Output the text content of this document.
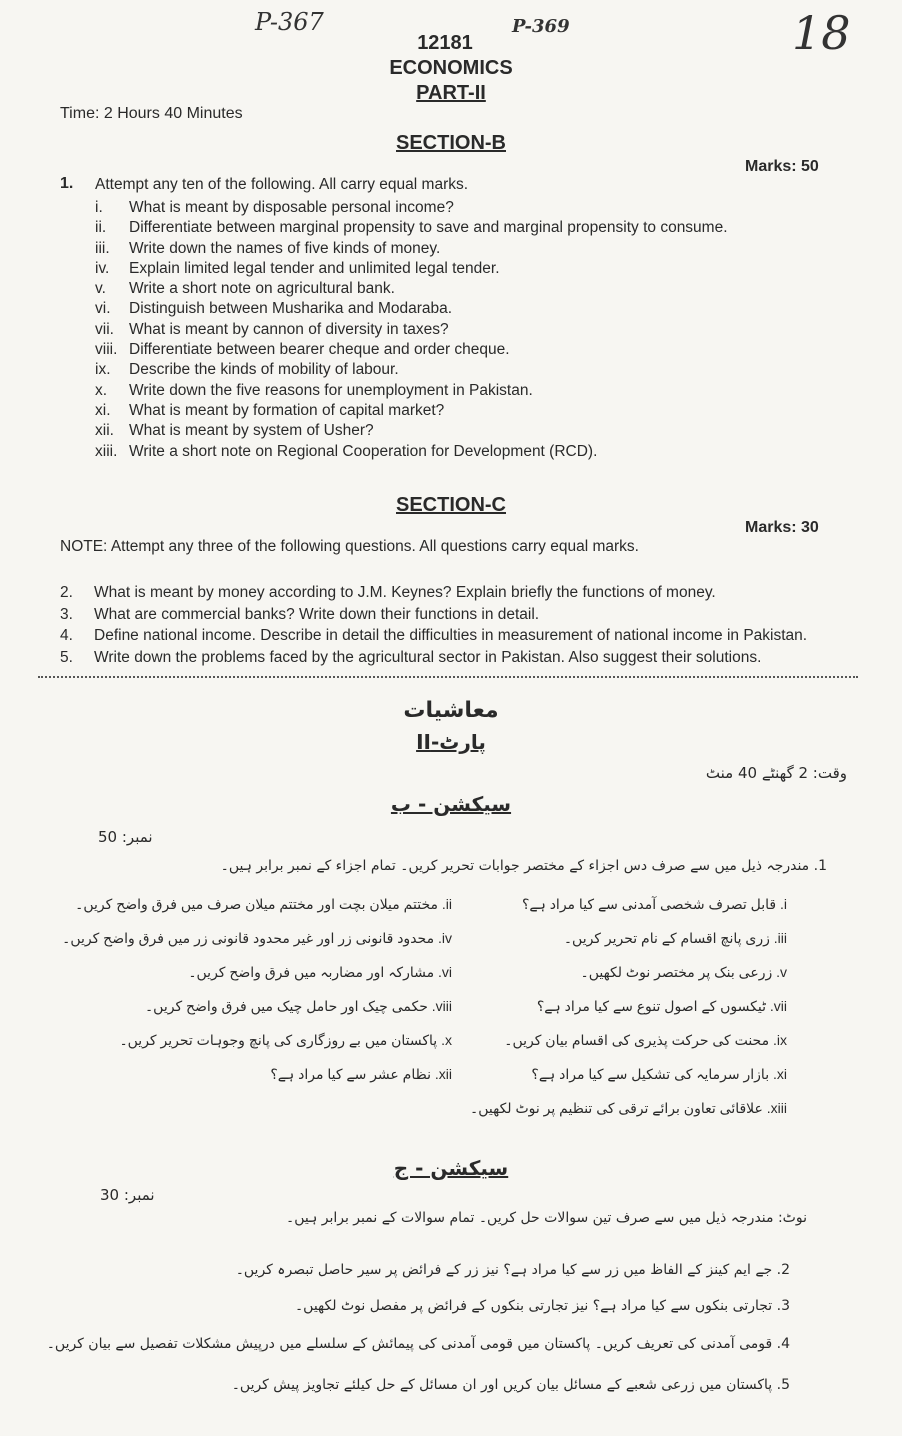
P-367	P-369	18
12181
ECONOMICS
PART-II
Time: 2 Hours 40 Minutes
SECTION-B
Marks: 50
1. Attempt any ten of the following. All carry equal marks.
i.	What is meant by disposable personal income?
ii.	Differentiate between marginal propensity to save and marginal propensity to consume.
iii.	Write down the names of five kinds of money.
iv.	Explain limited legal tender and unlimited legal tender.
v.	Write a short note on agricultural bank.
vi.	Distinguish between Musharika and Modaraba.
vii. What is meant by cannon of diversity in taxes?
viii. Differentiate between bearer cheque and order cheque.
ix.	Describe the kinds of mobility of labour.
x.	Write down the five reasons for unemployment in Pakistan.
xi.	What is meant by formation of capital market?
xii. What is meant by system of Usher?
xiii. Write a short note on Regional Cooperation for Development (RCD).
SECTION-C
Marks: 30
NOTE: Attempt any three of the following questions. All questions carry equal marks.
2.	What is meant by money according to J.M. Keynes? Explain briefly the functions of money.
3.	What are commercial banks? Write down their functions in detail.
4.	Define national income. Describe in detail the difficulties in measurement of national income in Pakistan.
5.	Write down the problems faced by the agricultural sector in Pakistan. Also suggest their solutions.
معاشیات
پارٹ-II
وقت: 2 گھنٹے 40 منٹ
سیکشن - ب
نمبر: 50
1. مندرجہ ذیل میں سے صرف دس اجزاء کے مختصر جوابات تحریر کریں۔ تمام اجزاء کے نمبر برابر ہیں۔
i. قابل تصرف شخصی آمدنی سے کیا مراد ہے؟
iii. زری پانچ اقسام کے نام تحریر کریں۔
v. زرعی بنک پر مختصر نوٹ لکھیں۔
vii. ٹیکسوں کے اصول تنوع سے کیا مراد ہے؟
ix. محنت کی حرکت پذیری کی اقسام بیان کریں۔
xi. بازار سرمایہ کی تشکیل سے کیا مراد ہے؟
xiii. علاقائی تعاون برائے ترقی کی تنظیم پر نوٹ لکھیں۔
ii. مختتم میلان بچت اور مختتم میلان صرف میں فرق واضح کریں۔
iv. محدود قانونی زر اور غیر محدود قانونی زر میں فرق واضح کریں۔
vi. مشارکہ اور مضاربہ میں فرق واضح کریں۔
viii. حکمی چیک اور حامل چیک میں فرق واضح کریں۔
x. پاکستان میں بے روزگاری کی پانچ وجوہات تحریر کریں۔
xii. نظام عشر سے کیا مراد ہے؟
سیکشن - ج
نمبر: 30
نوٹ: مندرجہ ذیل میں سے صرف تین سوالات حل کریں۔ تمام سوالات کے نمبر برابر ہیں۔
2. جے ایم کینز کے الفاظ میں زر سے کیا مراد ہے؟ نیز زر کے فرائض پر سیر حاصل تبصرہ کریں۔
3. تجارتی بنکوں سے کیا مراد ہے؟ نیز تجارتی بنکوں کے فرائض پر مفصل نوٹ لکھیں۔
4. قومی آمدنی کی تعریف کریں۔ پاکستان میں قومی آمدنی کی پیمائش کے سلسلے میں درپیش مشکلات تفصیل سے بیان کریں۔
5. پاکستان میں زرعی شعبے کے مسائل بیان کریں اور ان مسائل کے حل کیلئے تجاویز پیش کریں۔
